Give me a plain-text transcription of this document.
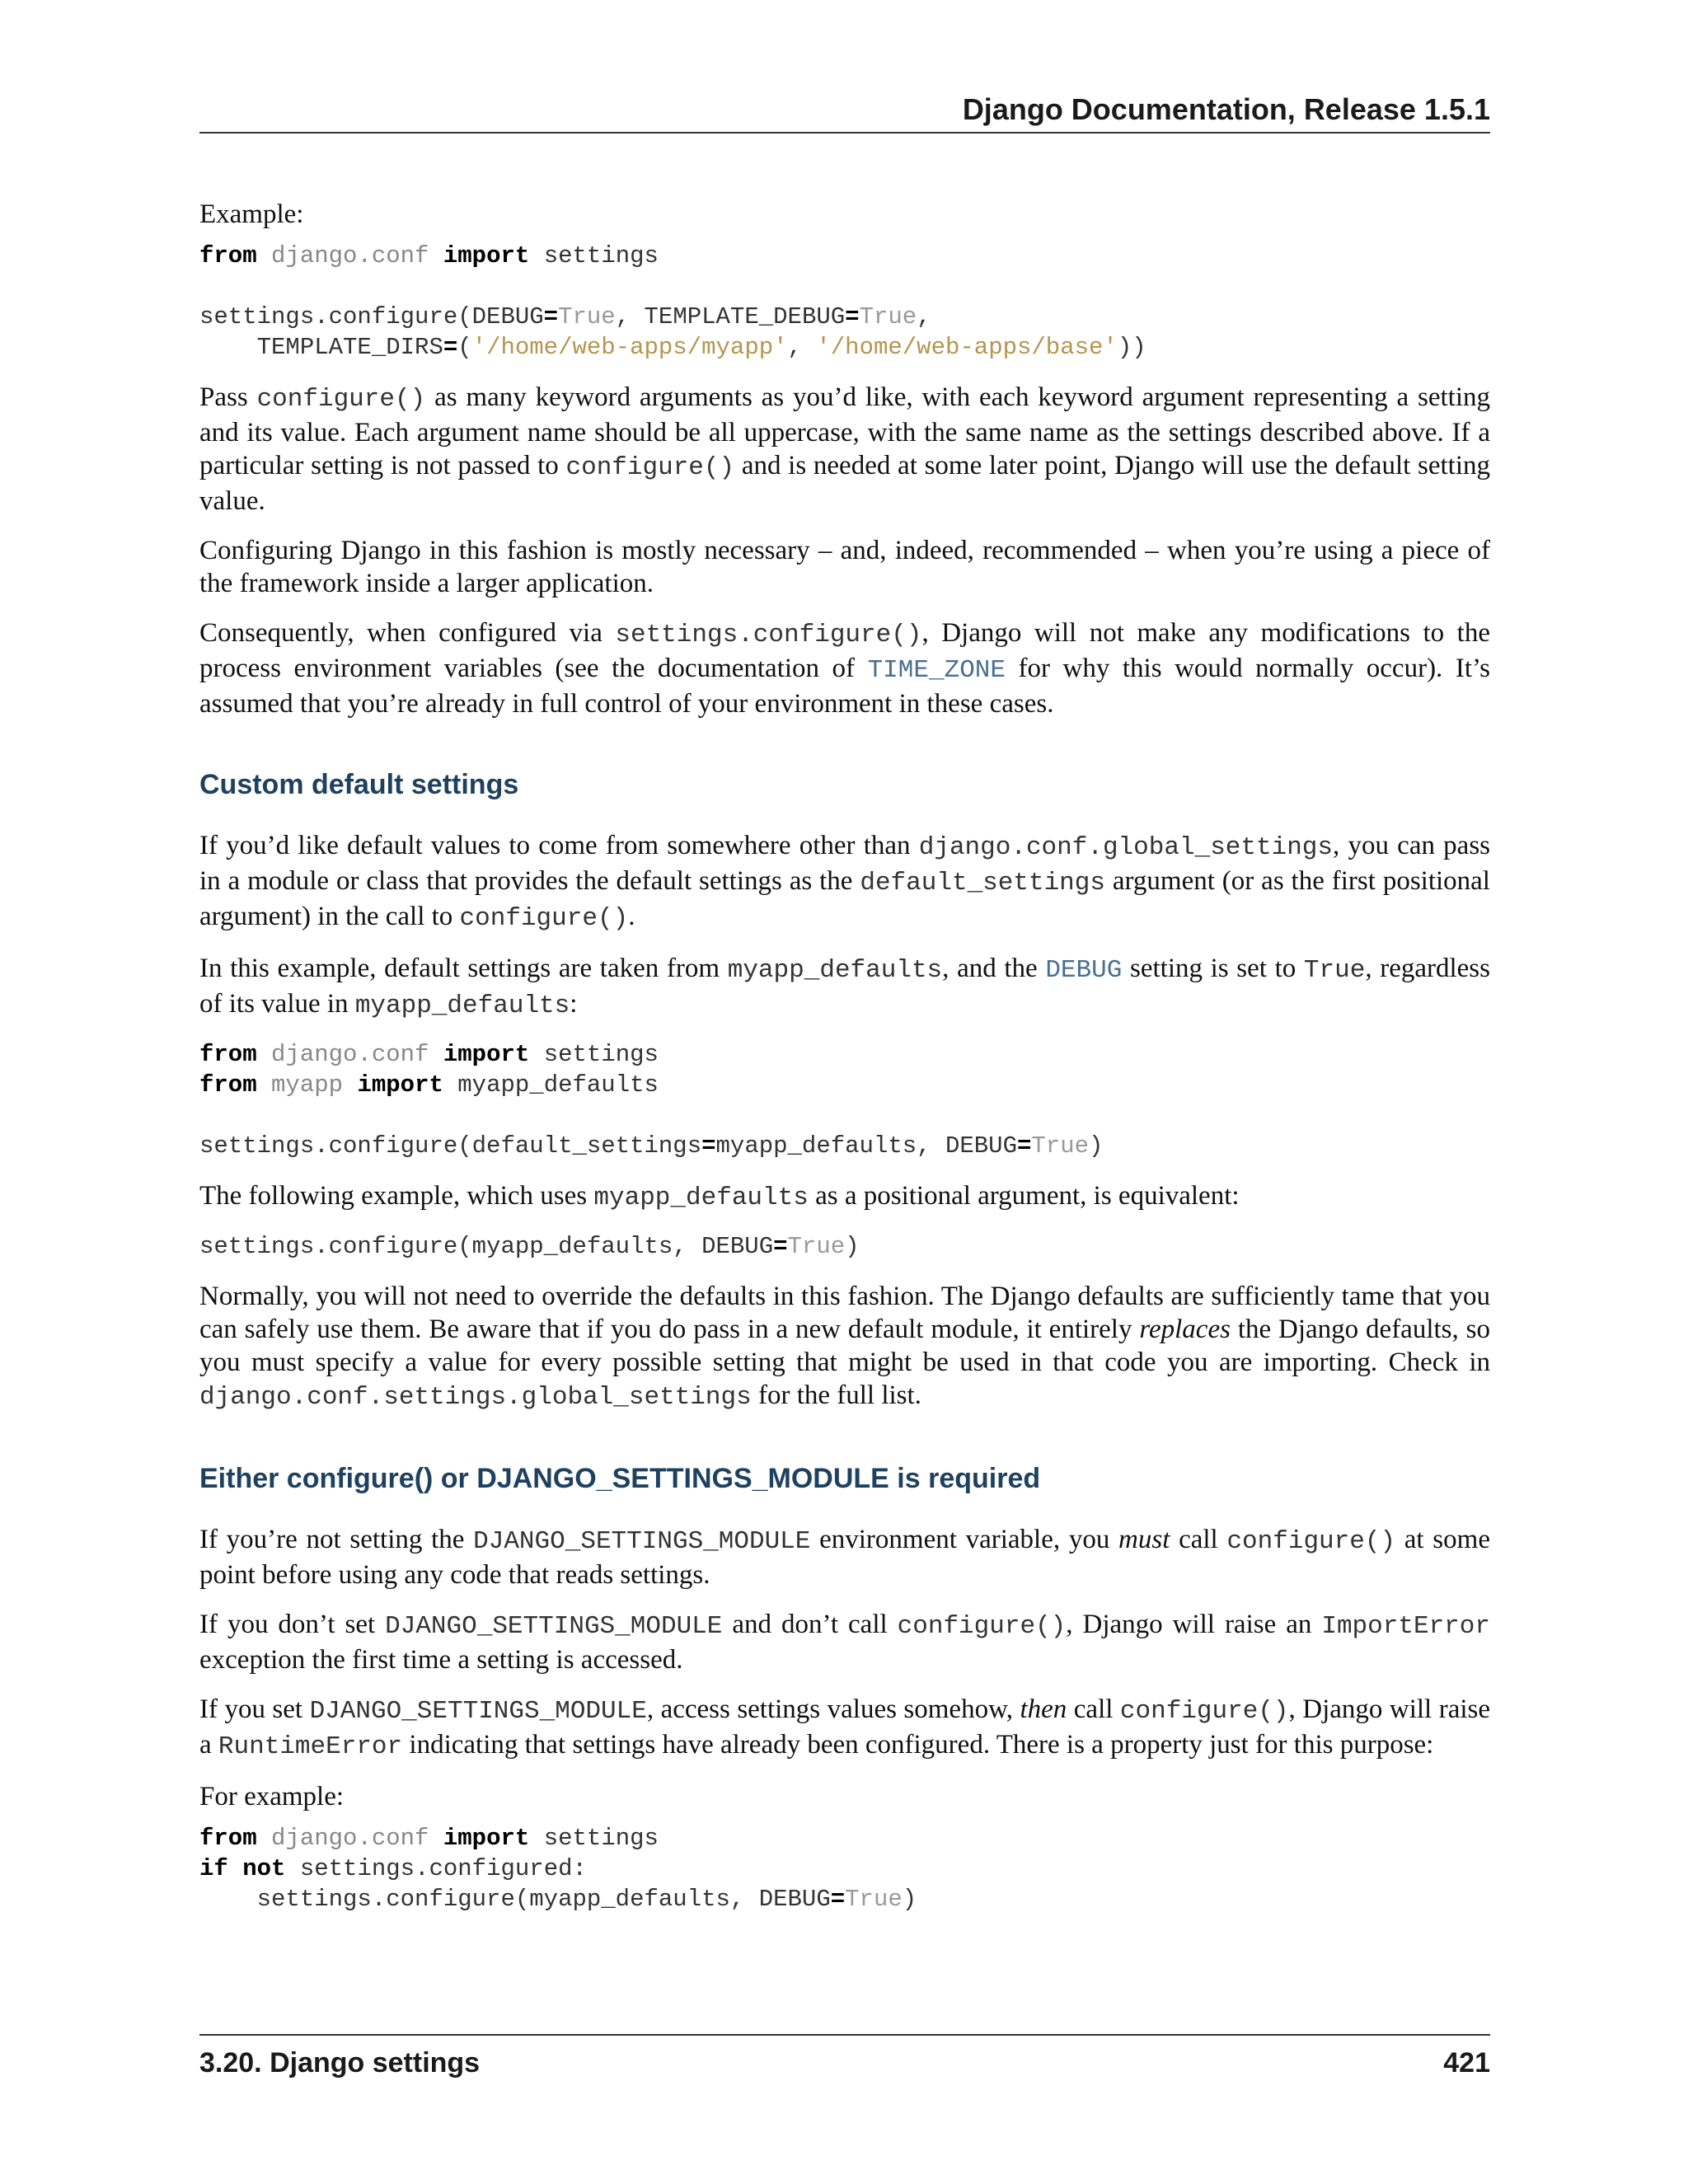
Django Documentation, Release 1.5.1

Example:

from django.conf import settings

settings.configure(DEBUG=True, TEMPLATE_DEBUG=True,
TEMPLATE_DIRS=('/home/web-apps/myapp', '/home/web-apps/base'))

Pass configure() as many keyword arguments as you’d like, with each keyword argument representing a setting and its value. Each argument name should be all uppercase, with the same name as the settings described above. If a particular setting is not passed to configure() and is needed at some later point, Django will use the default setting value.

Configuring Django in this fashion is mostly necessary – and, indeed, recommended – when you’re using a piece of the framework inside a larger application.

Consequently, when configured via settings.configure(), Django will not make any modifications to the process environment variables (see the documentation of TIME_ZONE for why this would normally occur). It’s assumed that you’re already in full control of your environment in these cases.

Custom default settings

If you’d like default values to come from somewhere other than django.conf.global_settings, you can pass in a module or class that provides the default settings as the default_settings argument (or as the first positional argument) in the call to configure().

In this example, default settings are taken from myapp_defaults, and the DEBUG setting is set to True, regardless of its value in myapp_defaults:

from django.conf import settings
from myapp import myapp_defaults

settings.configure(default_settings=myapp_defaults, DEBUG=True)

The following example, which uses myapp_defaults as a positional argument, is equivalent:

settings.configure(myapp_defaults, DEBUG=True)

Normally, you will not need to override the defaults in this fashion. The Django defaults are sufficiently tame that you can safely use them. Be aware that if you do pass in a new default module, it entirely replaces the Django defaults, so you must specify a value for every possible setting that might be used in that code you are importing. Check in django.conf.settings.global_settings for the full list.

Either configure() or DJANGO_SETTINGS_MODULE is required

If you’re not setting the DJANGO_SETTINGS_MODULE environment variable, you must call configure() at some point before using any code that reads settings.

If you don’t set DJANGO_SETTINGS_MODULE and don’t call configure(), Django will raise an ImportError exception the first time a setting is accessed.

If you set DJANGO_SETTINGS_MODULE, access settings values somehow, then call configure(), Django will raise a RuntimeError indicating that settings have already been configured. There is a property just for this purpose:

For example:

from django.conf import settings
if not settings.configured:
settings.configure(myapp_defaults, DEBUG=True)
3.20. Django settings	421
